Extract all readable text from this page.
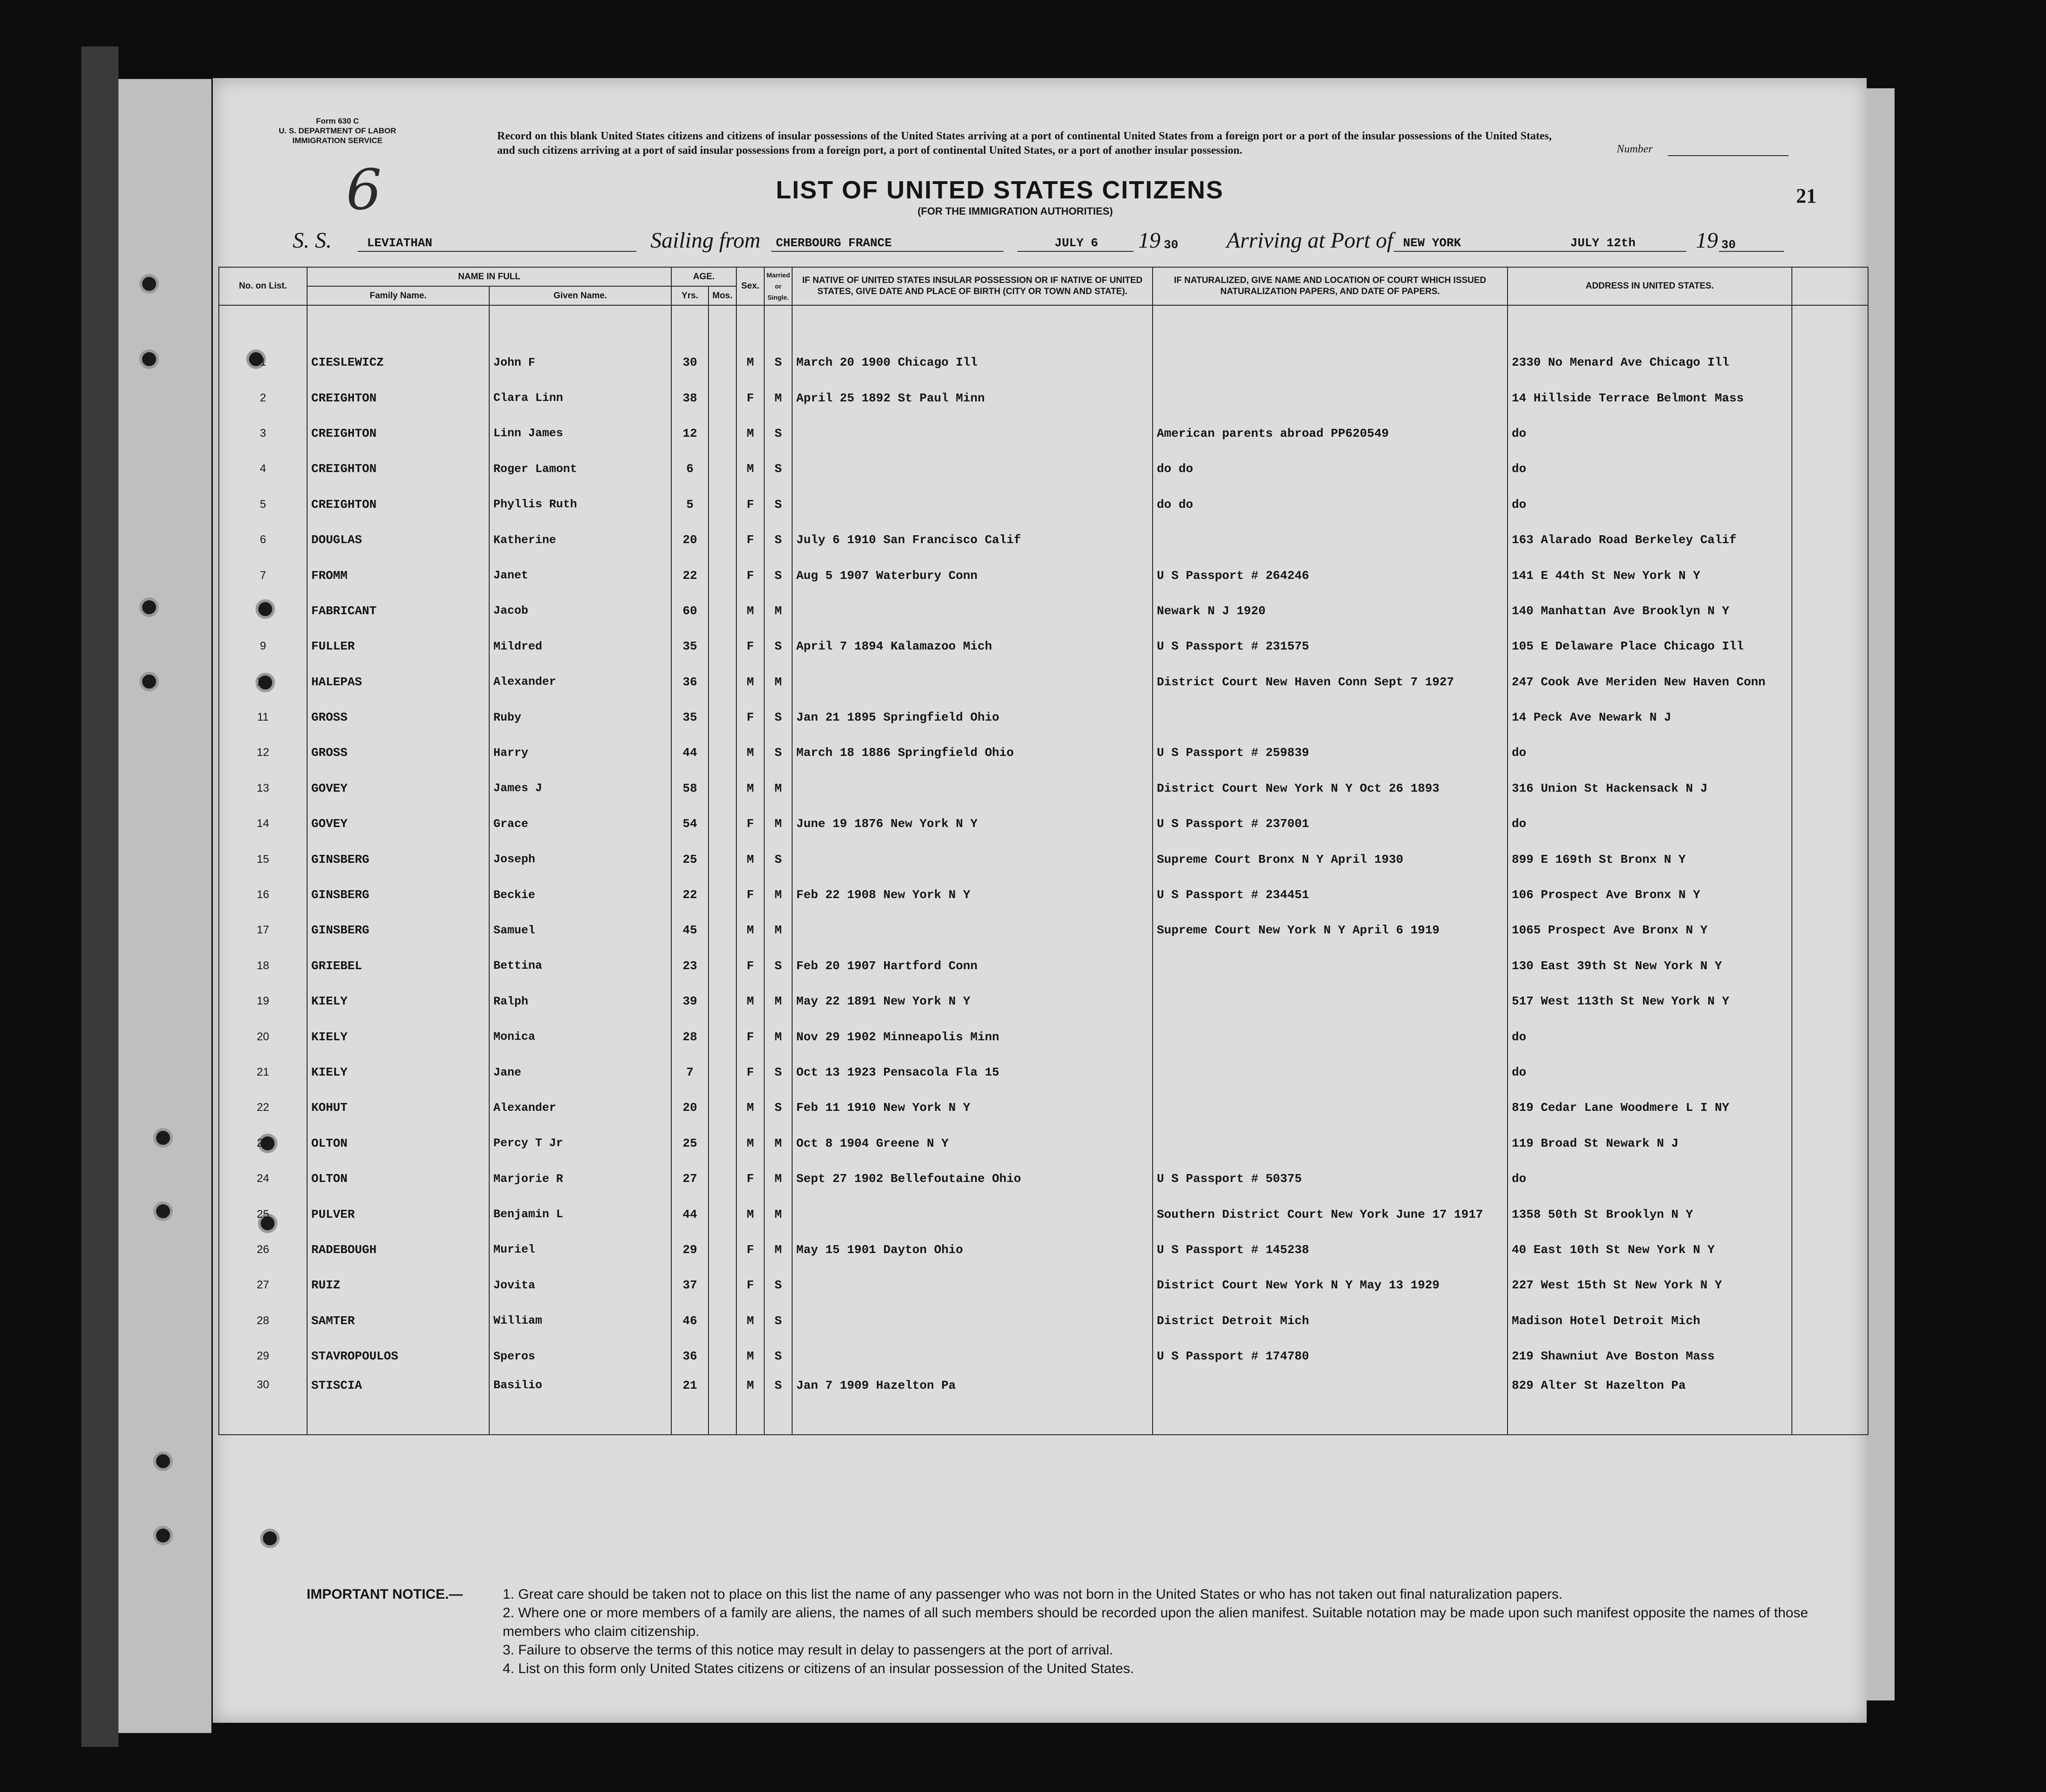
Form 630 C
U. S. DEPARTMENT OF LABOR
IMMIGRATION SERVICE
6
Record on this blank United States citizens and citizens of insular possessions of the United States arriving at a port of continental United States from a foreign port or a port of the insular possessions of the United States, and such citizens arriving at a port of said insular possessions from a foreign port, a port of continental United States, or a port of another insular possession.	Number
LIST OF UNITED STATES CITIZENS
(FOR THE IMMIGRATION AUTHORITIES)
21
S. S.	LEVIATHAN	Sailing from CHERBOURG FRANCE	JULY 6 19 30 Arriving at Port of NEW YORK	JULY 12th	19 30
No. on List.	NAME IN FULL		AGE.		Sex.	Married or Single.	IF NATIVE OF UNITED STATES INSULAR POSSESSION OR IF NATIVE OF UNITED STATES, GIVE DATE AND PLACE OF BIRTH (CITY OR TOWN AND STATE).	IF NATURALIZED, GIVE NAME AND LOCATION OF COURT WHICH ISSUED NATURALIZATION PAPERS, AND DATE OF PAPERS.	ADDRESS IN UNITED STATES.	
	Family Name.	Given Name.	Yrs.	Mos.						

1	CIESLEWICZ	John F	30		M	S	March 20 1900 Chicago Ill		2330 No Menard Ave Chicago Ill	
2	CREIGHTON	Clara Linn	38		F	M	April 25 1892 St Paul Minn		14 Hillside Terrace Belmont Mass	
3	CREIGHTON	Linn James	12		M	S		American parents abroad PP620549	do	
4	CREIGHTON	Roger Lamont	6		M	S		do do	do	
5	CREIGHTON	Phyllis Ruth	5		F	S		do do	do	
6	DOUGLAS	Katherine	20		F	S	July 6 1910 San Francisco Calif		163 Alarado Road Berkeley Calif	
7	FROMM	Janet	22		F	S	Aug 5 1907 Waterbury Conn	U S Passport # 264246	141 E 44th St New York N Y	
8	FABRICANT	Jacob	60		M	M		Newark N J 1920	140 Manhattan Ave Brooklyn N Y	
9	FULLER	Mildred	35		F	S	April 7 1894 Kalamazoo Mich	U S Passport # 231575	105 E Delaware Place Chicago Ill	
10	HALEPAS	Alexander	36		M	M		District Court New Haven Conn Sept 7 1927	247 Cook Ave Meriden New Haven Conn	
11	GROSS	Ruby	35		F	S	Jan 21 1895 Springfield Ohio		14 Peck Ave Newark N J	
12	GROSS	Harry	44		M	S	March 18 1886 Springfield Ohio	U S Passport # 259839	do	
13	GOVEY	James J	58		M	M		District Court New York N Y Oct 26 1893	316 Union St Hackensack N J	
14	GOVEY	Grace	54		F	M	June 19 1876 New York N Y	U S Passport # 237001	do	
15	GINSBERG	Joseph	25		M	S		Supreme Court Bronx N Y April 1930	899 E 169th St Bronx N Y	
16	GINSBERG	Beckie	22		F	M	Feb 22 1908 New York N Y	U S Passport # 234451	106 Prospect Ave Bronx N Y	
17	GINSBERG	Samuel	45		M	M		Supreme Court New York N Y April 6 1919	1065 Prospect Ave Bronx N Y	
18	GRIEBEL	Bettina	23		F	S	Feb 20 1907 Hartford Conn		130 East 39th St New York N Y	
19	KIELY	Ralph	39		M	M	May 22 1891 New York N Y		517 West 113th St New York N Y	
20	KIELY	Monica	28		F	M	Nov 29 1902 Minneapolis Minn		do	
21	KIELY	Jane	7		F	S	Oct 13 1923 Pensacola Fla 15		do	
22	KOHUT	Alexander	20		M	S	Feb 11 1910 New York N Y		819 Cedar Lane Woodmere L I NY	
23	OLTON	Percy T Jr	25		M	M	Oct 8 1904 Greene N Y		119 Broad St Newark N J	
24	OLTON	Marjorie R	27		F	M	Sept 27 1902 Bellefoutaine Ohio	U S Passport # 50375	do	
25	PULVER	Benjamin L	44		M	M		Southern District Court New York June 17 1917	1358 50th St Brooklyn N Y	
26	RADEBOUGH	Muriel	29		F	M	May 15 1901 Dayton Ohio	U S Passport # 145238	40 East 10th St New York N Y	
27	RUIZ	Jovita	37		F	S		District Court New York N Y May 13 1929	227 West 15th St New York N Y	
28	SAMTER	William	46		M	S		District Detroit Mich	Madison Hotel Detroit Mich	
29	STAVROPOULOS	Speros	36		M	S		U S Passport # 174780	219 Shawniut Ave Boston Mass	
30	STISCIA	Basilio	21		M	S	Jan 7 1909 Hazelton Pa		829 Alter St Hazelton Pa	
IMPORTANT NOTICE.—	1. Great care should be taken not to place on this list the name of any passenger who was not born in the United States or who has not taken out final naturalization papers.
2. Where one or more members of a family are aliens, the names of all such members should be recorded upon the alien manifest. Suitable notation may be made upon such manifest opposite the names of those members who claim citizenship.
3. Failure to observe the terms of this notice may result in delay to passengers at the port of arrival.
4. List on this form only United States citizens or citizens of an insular possession of the United States.
